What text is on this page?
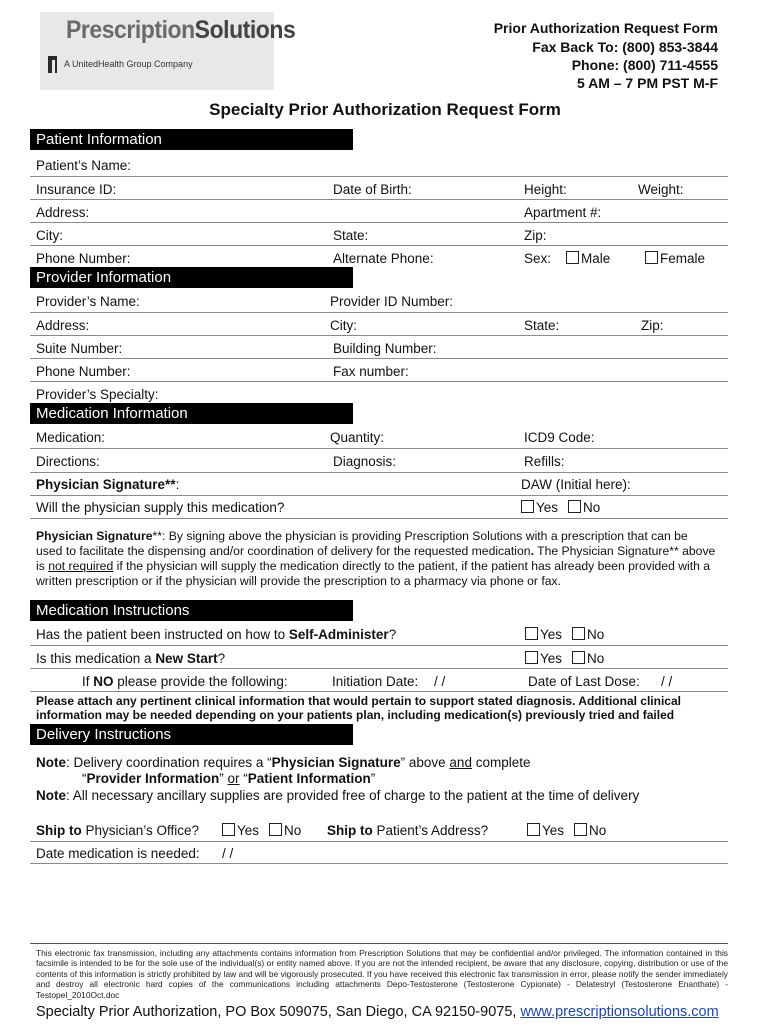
PrescriptionSolutions
A UnitedHealth Group Company
Prior Authorization Request Form
Fax Back To: (800) 853-3844
Phone: (800) 711-4555
5 AM – 7 PM PST M-F
Specialty Prior Authorization Request Form
Patient Information
Patient’s Name:
Insurance ID:	Date of Birth:	Height:	Weight:
Address:	Apartment #:
City:	State:	Zip:
Phone Number:	Alternate Phone:	Sex:	Male	Female
Provider Information
Provider’s Name:	Provider ID Number:
Address:	City:	State:	Zip:
Suite Number:	Building Number:
Phone Number:	Fax number:
Provider’s Specialty:
Medication Information
Medication:	Quantity:	ICD9 Code:
Directions:	Diagnosis:	Refills:
Physician Signature**:	DAW (Initial here):
Will the physician supply this medication?	Yes	No
Physician Signature**: By signing above the physician is providing Prescription Solutions with a prescription that can be used to facilitate the dispensing and/or coordination of delivery for the requested medication. The Physician Signature** above is not required if the physician will supply the medication directly to the patient, if the patient has already been provided with a written prescription or if the physician will provide the prescription to a pharmacy via phone or fax.
Medication Instructions
Has the patient been instructed on how to Self-Administer?	Yes	No
Is this medication a New Start?	Yes	No
If NO please provide the following:	Initiation Date: / /	Date of Last Dose: / /
Please attach any pertinent clinical information that would pertain to support stated diagnosis. Additional clinical information may be needed depending on your patients plan, including medication(s) previously tried and failed
Delivery Instructions
Note: Delivery coordination requires a “Physician Signature” above and complete
“Provider Information” or “Patient Information”
Note: All necessary ancillary supplies are provided free of charge to the patient at the time of delivery
Ship to Physician’s Office?	Yes	No Ship to Patient’s Address?	Yes	No
Date medication is needed: / /
This electronic fax transmission, including any attachments contains information from Prescription Solutions that may be confidential and/or privileged. The information contained in this facsimile is intended to be for the sole use of the individual(s) or entity named above. If you are not the intended recipient, be aware that any disclosure, copying, distribution or use of the contents of this information is strictly prohibited by law and will be vigorously prosecuted. If you have received this electronic fax transmission in error, please notify the sender immediately and destroy all electronic hard copies of the communications including attachments Depo-Testosterone (Testosterone Cypionate) - Delatestryl (Testosterone Enanthate) - Testopel_2010Oct.doc
Specialty Prior Authorization, PO Box 509075, San Diego, CA 92150-9075, www.prescriptionsolutions.com
